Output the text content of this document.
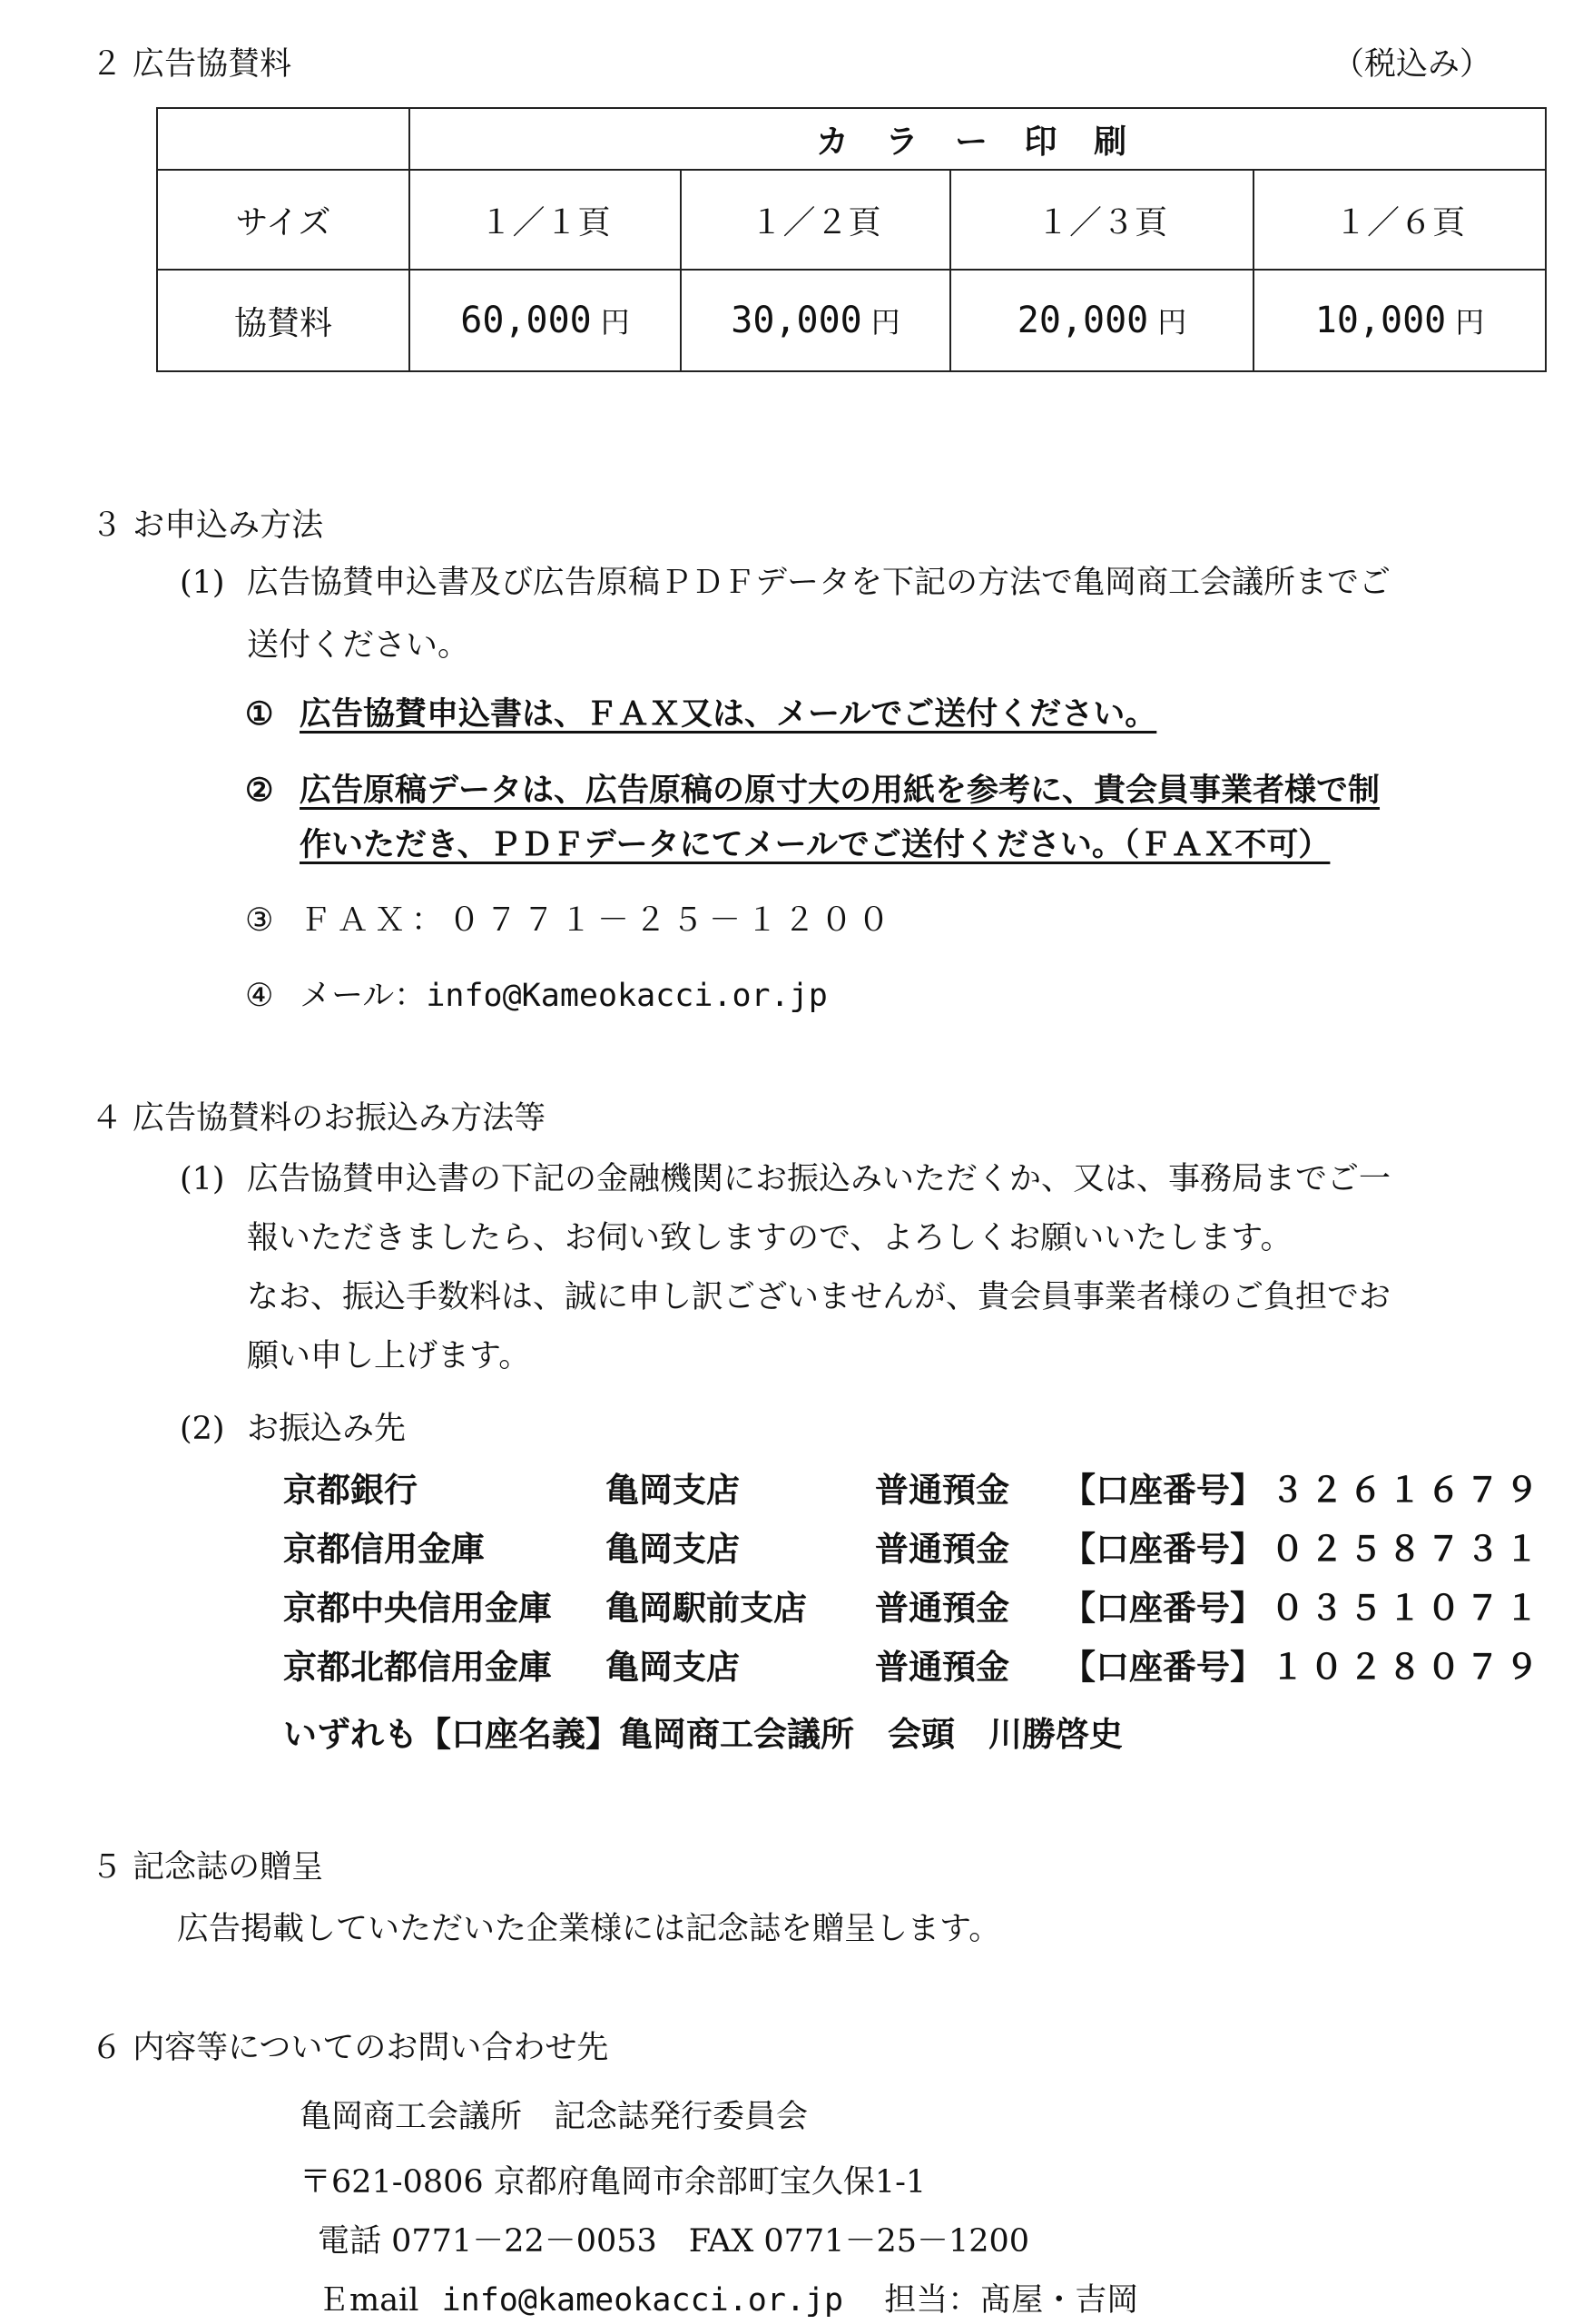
２ 広告協賛料	（税込み）
	カ ラ ー 印 刷			
サイズ	１／１頁	１／２頁	１／３頁	１／６頁
協賛料	60,000 円	30,000 円	20,000 円	10,000 円
３ お申込み方法
(1) 広告協賛申込書及び広告原稿ＰＤＦデータを下記の方法で亀岡商工会議所までご
送付ください。
① 広告協賛申込書は、ＦＡＸ又は、メールでご送付ください。
② 広告原稿データは、広告原稿の原寸大の用紙を参考に、貴会員事業者様で制
作いただき、ＰＤＦデータにてメールでご送付ください。（ＦＡＸ不可）
③ ＦＡＸ：０７７１－２５－１２００
④ メール：info@Kameokacci.or.jp
４ 広告協賛料のお振込み方法等
(1) 広告協賛申込書の下記の金融機関にお振込みいただくか、又は、事務局までご一
報いただきましたら、お伺い致しますので、よろしくお願いいたします。
なお、振込手数料は、誠に申し訳ございませんが、貴会員事業者様のご負担でお
願い申し上げます。
(2) お振込み先
京都銀行	亀岡支店	普通預金 【口座番号】 ３２６１６７９
京都信用金庫	亀岡支店	普通預金 【口座番号】 ０２５８７３１
京都中央信用金庫 亀岡駅前支店 普通預金 【口座番号】 ０３５１０７１
京都北都信用金庫 亀岡支店	普通預金 【口座番号】 １０２８０７９
いずれも【口座名義】亀岡商工会議所　会頭　川勝啓史
５ 記念誌の贈呈
広告掲載していただいた企業様には記念誌を贈呈します。
６ 内容等についてのお問い合わせ先
亀岡商工会議所　記念誌発行委員会
〒621-0806 京都府亀岡市余部町宝久保1-1
電話 0771－22－0053　FAX 0771－25－1200
Ｅmail info@kameokacci.or.jp 担当：髙屋・吉岡
